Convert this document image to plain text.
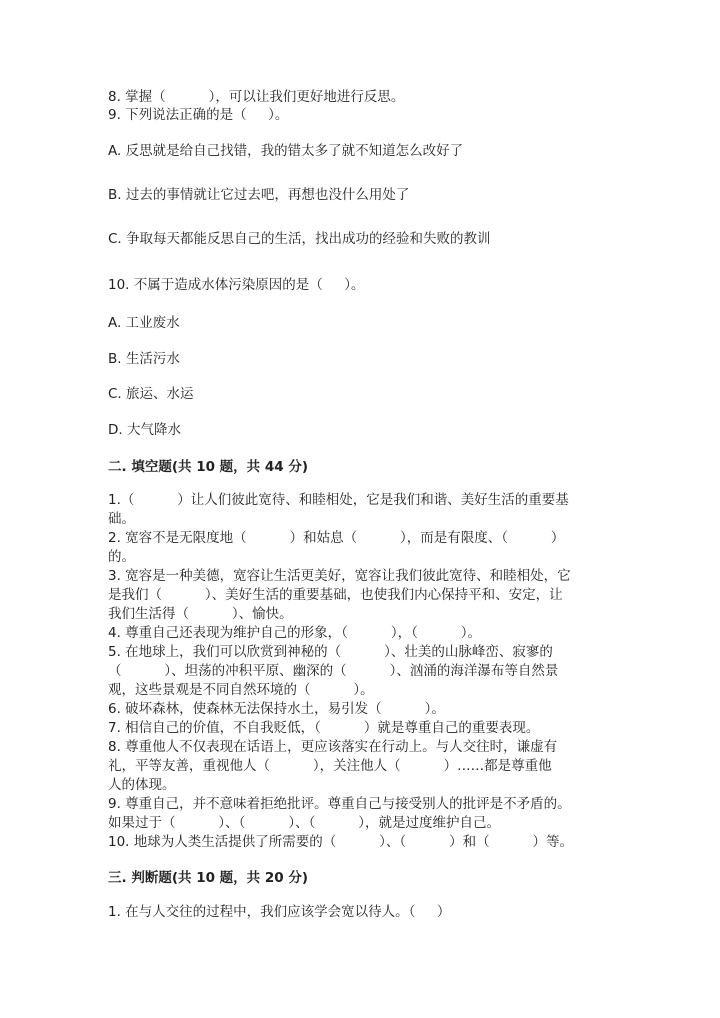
8. 掌握（          ），可以让我们更好地进行反思。
9. 下列说法正确的是（     ）。
A. 反思就是给自己找错，我的错太多了就不知道怎么改好了
B. 过去的事情就让它过去吧，再想也没什么用处了
C. 争取每天都能反思自己的生活，找出成功的经验和失败的教训
10. 不属于造成水体污染原因的是（     ）。
A. 工业废水
B. 生活污水
C. 旅运、水运
D. 大气降水
二. 填空题(共 10 题，共 44 分)
1.（          ）让人们彼此宽待、和睦相处，它是我们和谐、美好生活的重要基
础。
2. 宽容不是无限度地（          ）和姑息（          ），而是有限度、（          ）
的。
3. 宽容是一种美德，宽容让生活更美好，宽容让我们彼此宽待、和睦相处，它
是我们（          ）、美好生活的重要基础，也使我们内心保持平和、安定，让
我们生活得（          ）、愉快。
4. 尊重自己还表现为维护自己的形象，（          ），（          ）。
5. 在地球上，我们可以欣赏到神秘的（          ）、壮美的山脉峰峦、寂寥的
（          ）、坦荡的冲积平原、幽深的（          ）、汹涌的海洋瀑布等自然景
观，这些景观是不同自然环境的（          ）。
6. 破坏森林，使森林无法保持水土，易引发（          ）。
7. 相信自己的价值，不自我贬低，（          ）就是尊重自己的重要表现。
8. 尊重他人不仅表现在话语上，更应该落实在行动上。与人交往时，谦虚有
礼，平等友善，重视他人（          ），关注他人（          ）……都是尊重他
人的体现。
9. 尊重自己，并不意味着拒绝批评。尊重自己与接受别人的批评是不矛盾的。
如果过于（          ）、（          ）、（          ），就是过度维护自己。
10. 地球为人类生活提供了所需要的（          ）、（          ）和（          ）等。
三. 判断题(共 10 题，共 20 分)
1. 在与人交往的过程中，我们应该学会宽以待人。（     ）
